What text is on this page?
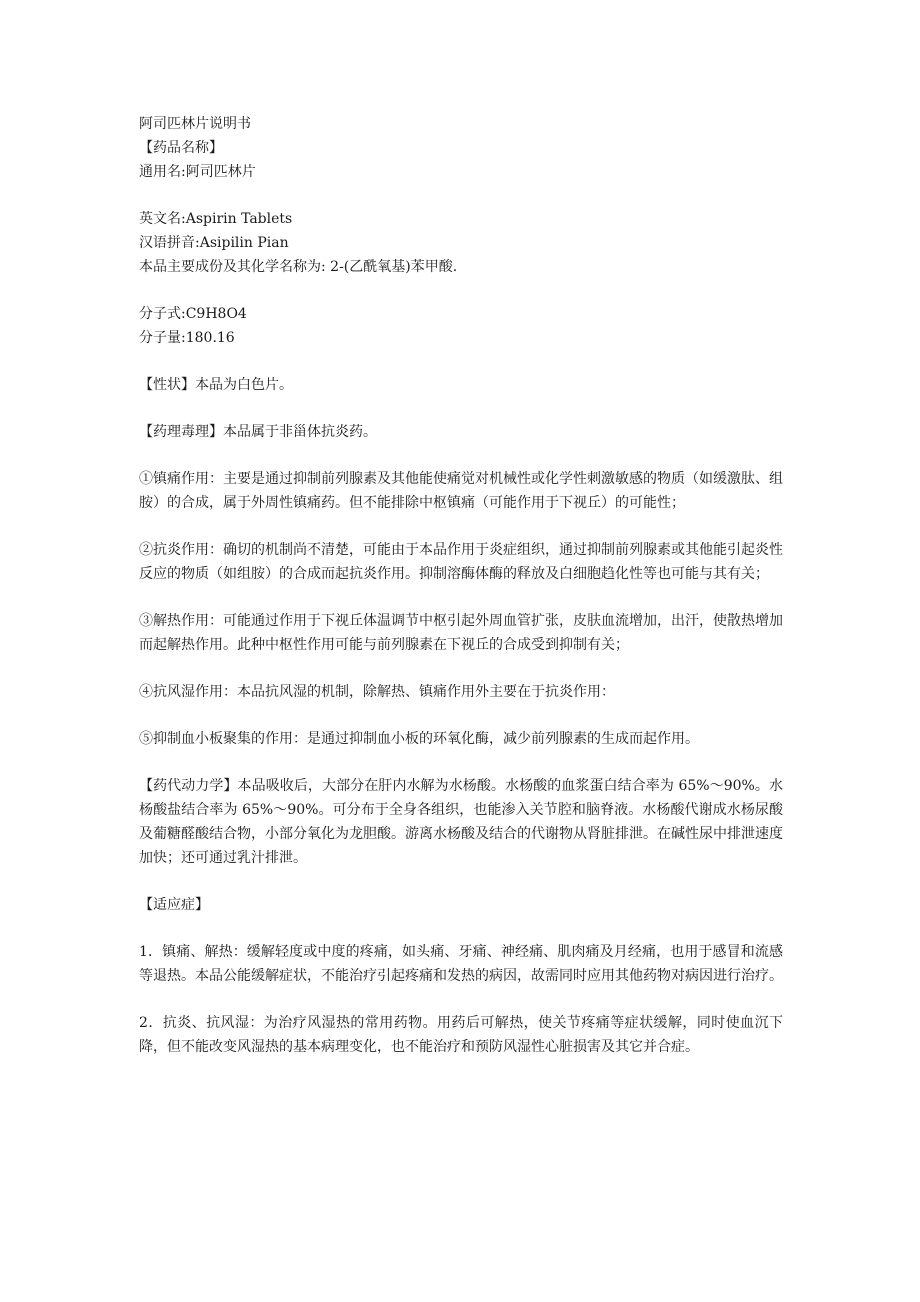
阿司匹林片说明书
【药品名称】
通用名:阿司匹林片
英文名:Aspirin Tablets
汉语拼音:Asipilin Pian
本品主要成份及其化学名称为: 2-(乙酰氧基)苯甲酸.
分子式:C9H8O4
分子量:180.16
【性状】本品为白色片。
【药理毒理】本品属于非甾体抗炎药。
①镇痛作用：主要是通过抑制前列腺素及其他能使痛觉对机械性或化学性刺激敏感的物质（如缓激肽、组胺）的合成，属于外周性镇痛药。但不能排除中枢镇痛（可能作用于下视丘）的可能性；
②抗炎作用：确切的机制尚不清楚，可能由于本品作用于炎症组织，通过抑制前列腺素或其他能引起炎性反应的物质（如组胺）的合成而起抗炎作用。抑制溶酶体酶的释放及白细胞趋化性等也可能与其有关；
③解热作用：可能通过作用于下视丘体温调节中枢引起外周血管扩张，皮肤血流增加，出汗，使散热增加而起解热作用。此种中枢性作用可能与前列腺素在下视丘的合成受到抑制有关；
④抗风湿作用：本品抗风湿的机制，除解热、镇痛作用外主要在于抗炎作用：
⑤抑制血小板聚集的作用：是通过抑制血小板的环氧化酶，减少前列腺素的生成而起作用。
【药代动力学】本品吸收后，大部分在肝内水解为水杨酸。水杨酸的血浆蛋白结合率为 65%～90%。水杨酸盐结合率为 65%～90%。可分布于全身各组织，也能渗入关节腔和脑脊液。水杨酸代谢成水杨尿酸及葡糖醛酸结合物，小部分氧化为龙胆酸。游离水杨酸及结合的代谢物从肾脏排泄。在碱性尿中排泄速度加快；还可通过乳汁排泄。
【适应症】
1．镇痛、解热：缓解轻度或中度的疼痛，如头痛、牙痛、神经痛、肌肉痛及月经痛，也用于感冒和流感等退热。本品公能缓解症状，不能治疗引起疼痛和发热的病因，故需同时应用其他药物对病因进行治疗。
2．抗炎、抗风湿：为治疗风湿热的常用药物。用药后可解热，使关节疼痛等症状缓解，同时使血沉下降，但不能改变风湿热的基本病理变化，也不能治疗和预防风湿性心脏损害及其它并合症。
